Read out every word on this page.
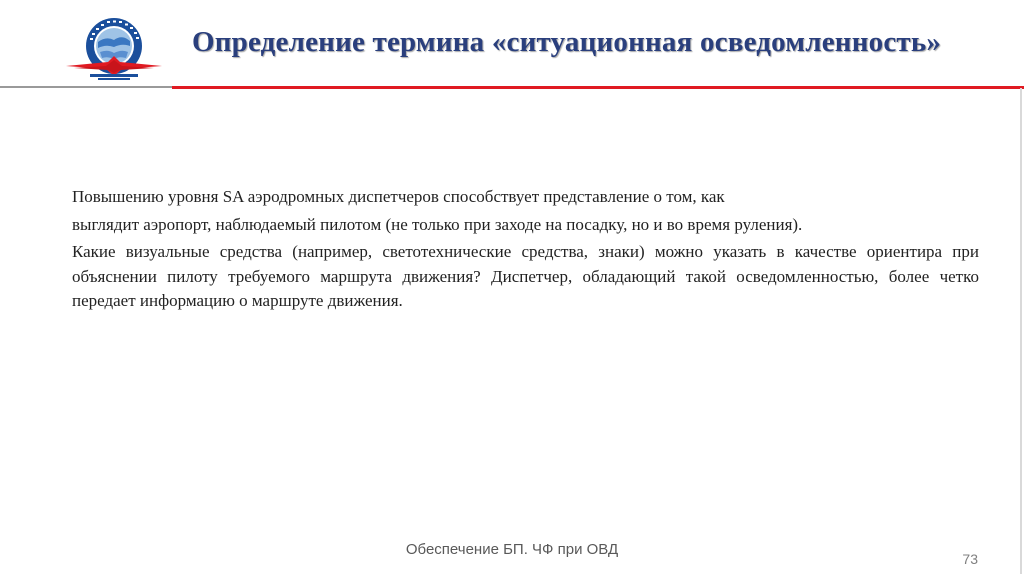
Определение термина «ситуационная осведомленность»

Повышению уровня SA аэродромных диспетчеров способствует представление о том, как

выглядит аэропорт, наблюдаемый пилотом (не только при заходе на посадку, но и во время руления).

Какие визуальные средства (например, светотехнические средства, знаки) можно указать в качестве ориентира при объяснении пилоту требуемого маршрута движения? Диспетчер, обладающий такой осведомленностью, более четко передает информацию о маршруте движения.

Обеспечение БП. ЧФ при ОВД
73
